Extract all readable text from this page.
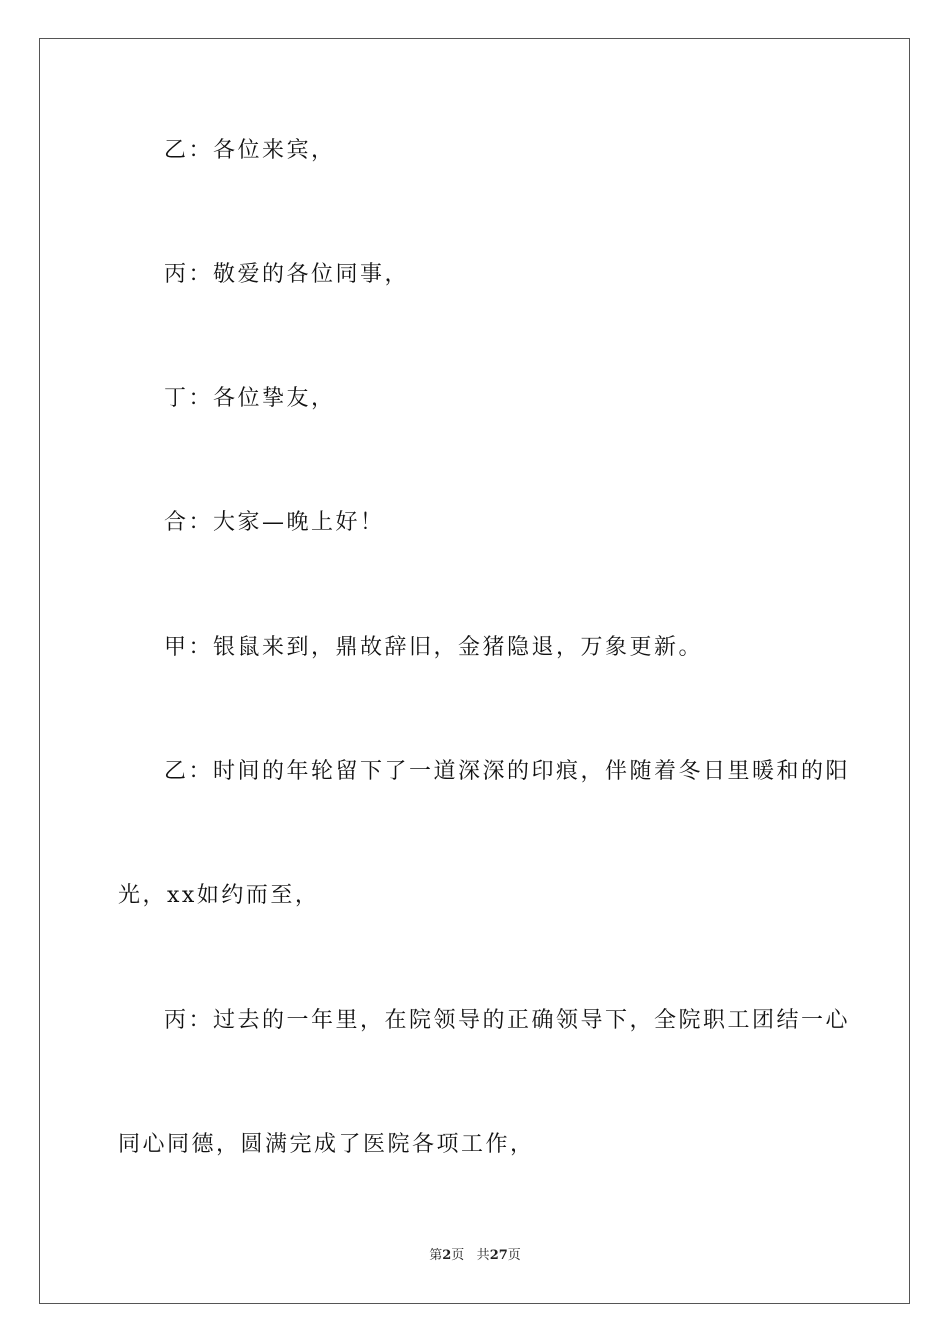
乙：各位来宾，
丙：敬爱的各位同事，
丁：各位挚友，
合：大家—晚上好！
甲：银鼠来到，鼎故辞旧，金猪隐退，万象更新。
乙：时间的年轮留下了一道深深的印痕，伴随着冬日里暖和的阳
光，xx如约而至，
丙：过去的一年里，在院领导的正确领导下，全院职工团结一心
同心同德，圆满完成了医院各项工作，
第2页 共27页
